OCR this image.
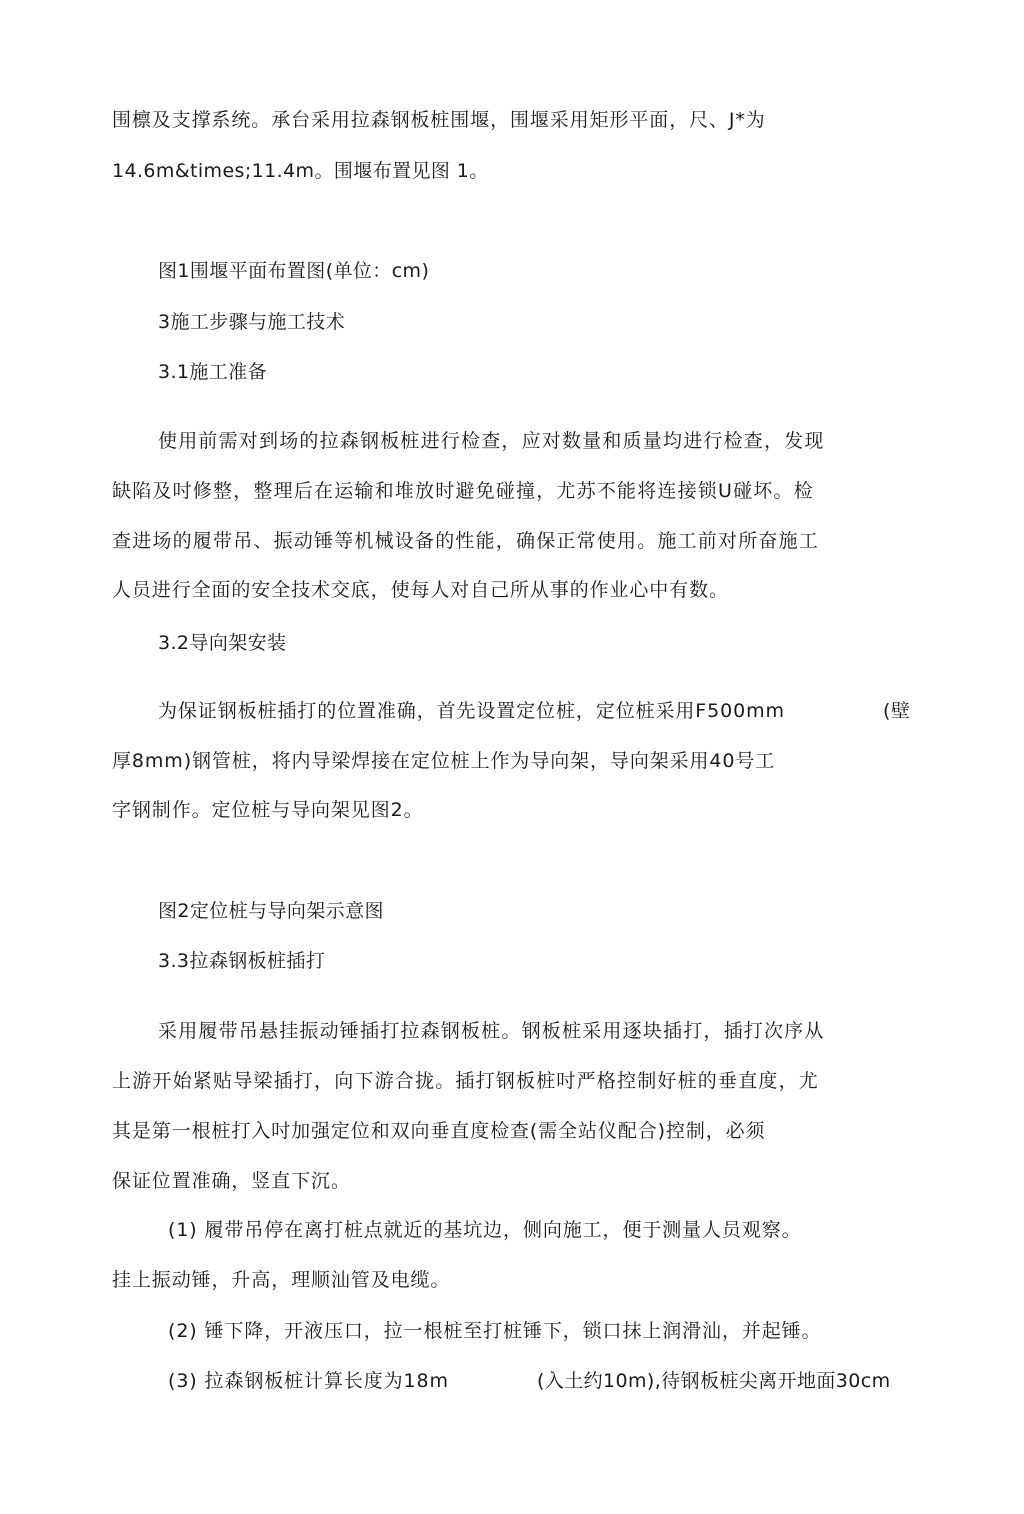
围檩及支撑系统。承台采用拉森钢板桩围堰，围堰采用矩形平面，尺、J*为
14.6m&times;11.4m。围堰布置见图 1。
图1围堰平面布置图(单位：cm)
3施工步骤与施工技术
3.1施工准备
使用前需对到场的拉森钢板桩进行检查，应对数量和质量均进行检查，发现
缺陷及吋修整，整理后在运输和堆放时避免碰撞，尤苏不能将连接锁U碰坏。检
查进场的履带吊、振动锤等机械设备的性能，确保正常使用。施工前对所奋施工
人员进行全面的安全技术交底，使每人对自己所从事的作业心中有数。
3.2导向架安装
为保证钢板桩插打的位置准确，首先设置定位桩，定位桩采用F500mm	(壁
厚8mm)钢管桩，将内导梁焊接在定位桩上作为导向架，导向架采用40号工
字钢制作。定位桩与导向架见图2。
图2定位桩与导向架示意图
3.3拉森钢板桩插打
采用履带吊悬挂振动锤插打拉森钢板桩。钢板桩采用逐块插打，插打次序从
上游开始紧贴导梁插打，向下游合拢。插打钢板桩吋严格控制好桩的垂直度，尤
其是第一根桩打入吋加强定位和双向垂直度检查(需全站仪配合)控制，必须
保证位置准确，竖直下沉。
(1) 履带吊停在离打桩点就近的基坑边，侧向施工，便于测量人员观察。
挂上振动锤，升高，理顺汕管及电缆。
(2) 锤下降，开液压口，拉一根桩至打桩锤下，锁口抹上润滑汕，并起锤。
(3) 拉森钢板桩计算长度为18m	(入土约10m),待钢板桩尖离开地面30cm
